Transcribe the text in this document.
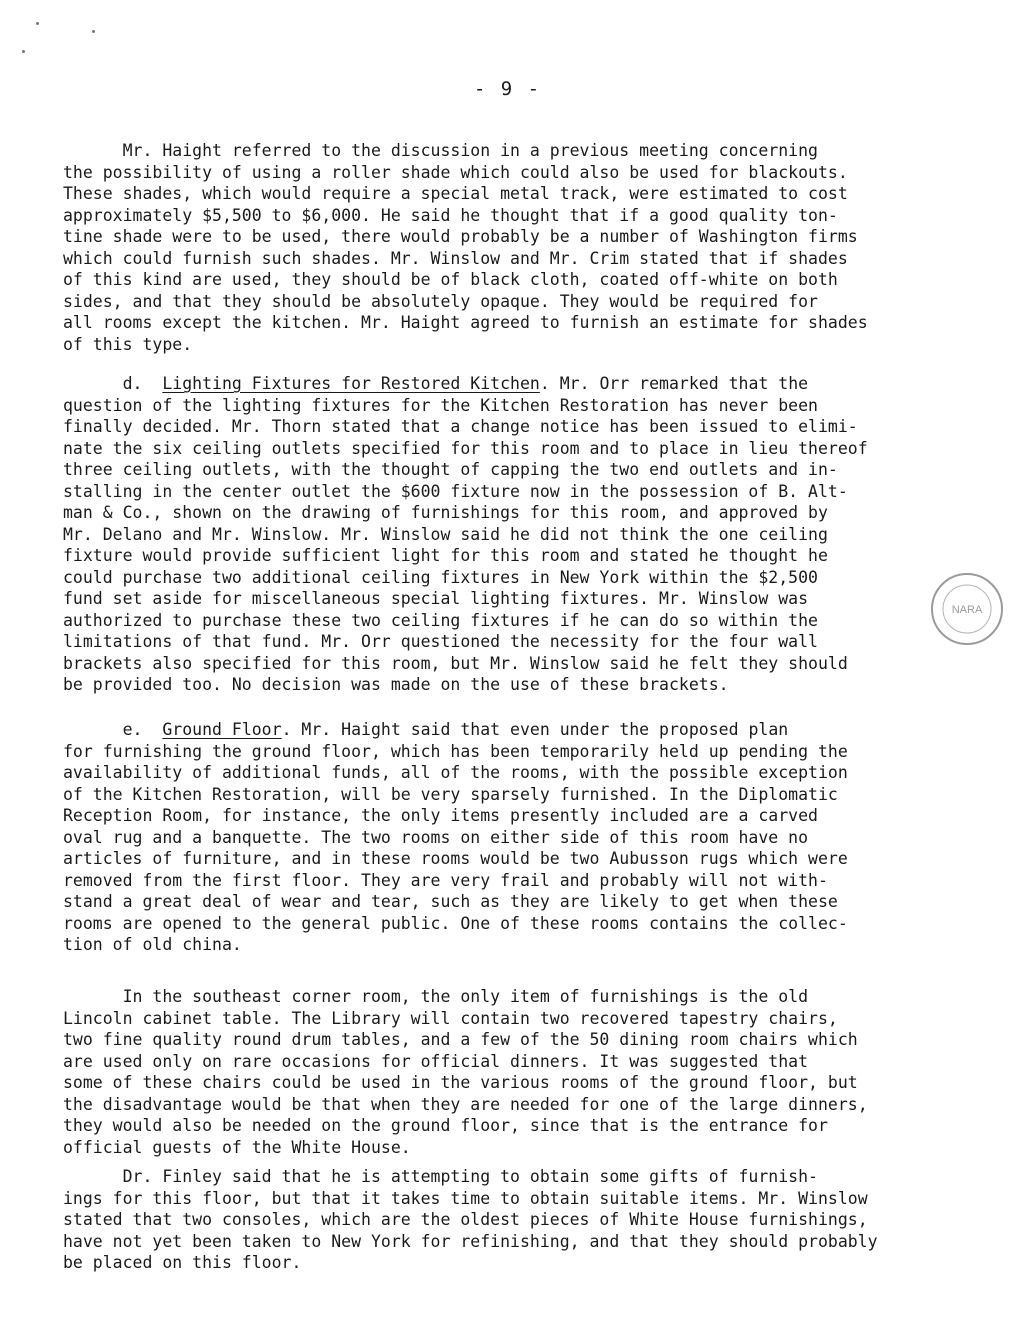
- 9 -
Mr. Haight referred to the discussion in a previous meeting concerning
the possibility of using a roller shade which could also be used for blackouts.
These shades, which would require a special metal track, were estimated to cost
approximately $5,500 to $6,000. He said he thought that if a good quality ton-
tine shade were to be used, there would probably be a number of Washington firms
which could furnish such shades. Mr. Winslow and Mr. Crim stated that if shades
of this kind are used, they should be of black cloth, coated off-white on both
sides, and that they should be absolutely opaque. They would be required for
all rooms except the kitchen. Mr. Haight agreed to furnish an estimate for shades
of this type.
d.  Lighting Fixtures for Restored Kitchen. Mr. Orr remarked that the
question of the lighting fixtures for the Kitchen Restoration has never been
finally decided. Mr. Thorn stated that a change notice has been issued to elimi-
nate the six ceiling outlets specified for this room and to place in lieu thereof
three ceiling outlets, with the thought of capping the two end outlets and in-
stalling in the center outlet the $600 fixture now in the possession of B. Alt-
man & Co., shown on the drawing of furnishings for this room, and approved by
Mr. Delano and Mr. Winslow. Mr. Winslow said he did not think the one ceiling
fixture would provide sufficient light for this room and stated he thought he
could purchase two additional ceiling fixtures in New York within the $2,500
fund set aside for miscellaneous special lighting fixtures. Mr. Winslow was
authorized to purchase these two ceiling fixtures if he can do so within the
limitations of that fund. Mr. Orr questioned the necessity for the four wall
brackets also specified for this room, but Mr. Winslow said he felt they should
be provided too. No decision was made on the use of these brackets.
e.  Ground Floor. Mr. Haight said that even under the proposed plan
for furnishing the ground floor, which has been temporarily held up pending the
availability of additional funds, all of the rooms, with the possible exception
of the Kitchen Restoration, will be very sparsely furnished. In the Diplomatic
Reception Room, for instance, the only items presently included are a carved
oval rug and a banquette. The two rooms on either side of this room have no
articles of furniture, and in these rooms would be two Aubusson rugs which were
removed from the first floor. They are very frail and probably will not with-
stand a great deal of wear and tear, such as they are likely to get when these
rooms are opened to the general public. One of these rooms contains the collec-
tion of old china.
In the southeast corner room, the only item of furnishings is the old
Lincoln cabinet table. The Library will contain two recovered tapestry chairs,
two fine quality round drum tables, and a few of the 50 dining room chairs which
are used only on rare occasions for official dinners. It was suggested that
some of these chairs could be used in the various rooms of the ground floor, but
the disadvantage would be that when they are needed for one of the large dinners,
they would also be needed on the ground floor, since that is the entrance for
official guests of the White House.
Dr. Finley said that he is attempting to obtain some gifts of furnish-
ings for this floor, but that it takes time to obtain suitable items. Mr. Winslow
stated that two consoles, which are the oldest pieces of White House furnishings,
have not yet been taken to New York for refinishing, and that they should probably
be placed on this floor.
NARA
